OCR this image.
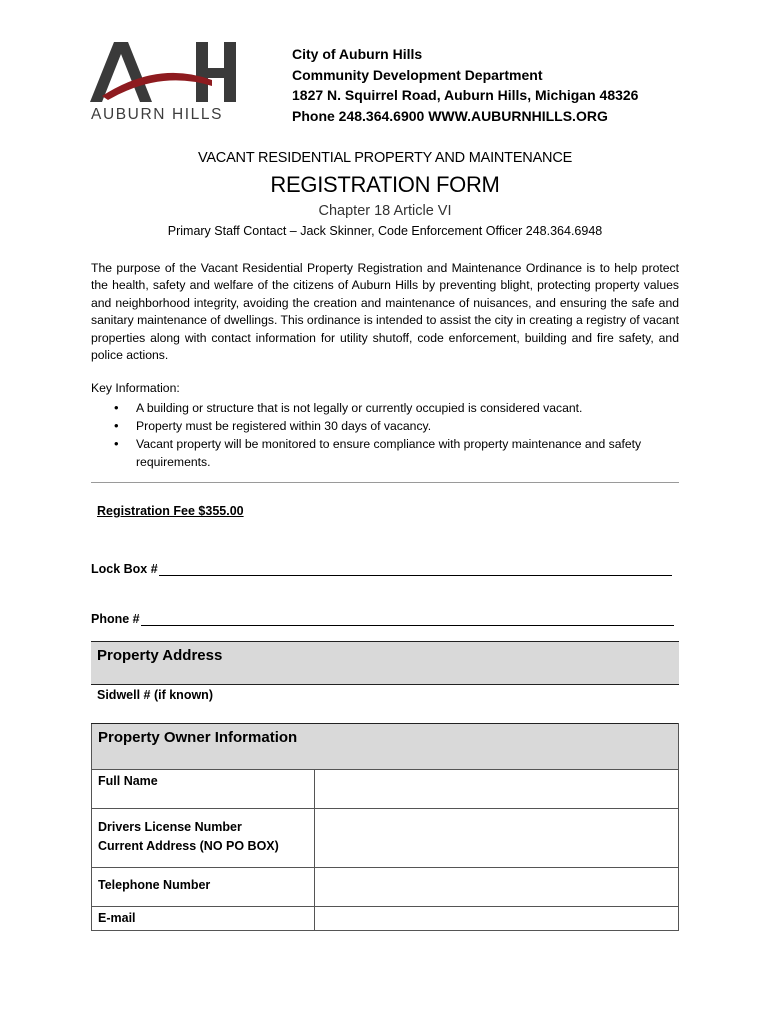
AUBURN HILLS
City of Auburn Hills
Community Development Department
1827 N. Squirrel Road, Auburn Hills, Michigan 48326
Phone 248.364.6900 WWW.AUBURNHILLS.ORG
VACANT RESIDENTIAL PROPERTY AND MAINTENANCE
REGISTRATION FORM
Chapter 18 Article VI
Primary Staff Contact – Jack Skinner, Code Enforcement Officer 248.364.6948

The purpose of the Vacant Residential Property Registration and Maintenance Ordinance is to help protect the health, safety and welfare of the citizens of Auburn Hills by preventing blight, protecting property values and neighborhood integrity, avoiding the creation and maintenance of nuisances, and ensuring the safe and sanitary maintenance of dwellings. This ordinance is intended to assist the city in creating a registry of vacant properties along with contact information for utility shutoff, code enforcement, building and fire safety, and police actions.

Key Information:
• A building or structure that is not legally or currently occupied is considered vacant.
• Property must be registered within 30 days of vacancy.
• Vacant property will be monitored to ensure compliance with property maintenance and safety requirements.
Registration Fee $355.00
Lock Box #
Phone #
Property Address
Sidwell # (if known)
Property Owner Information	

Full Name	

Drivers License Number
Current Address (NO PO BOX)	

Telephone Number	

E-mail	
